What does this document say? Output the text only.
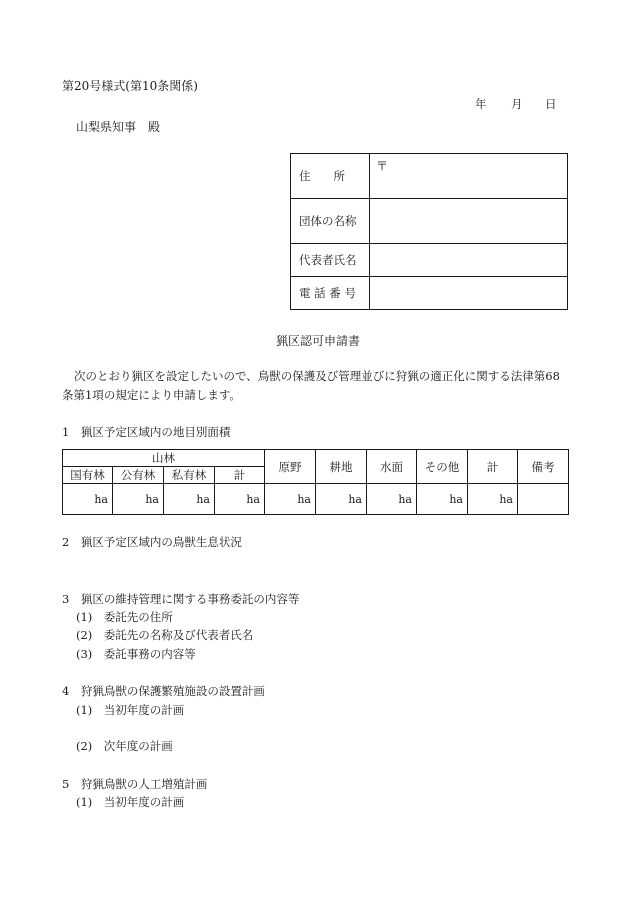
第20号様式(第10条関係)
年 月 日
山梨県知事　殿
住　　所	〒

団体の名称	
代表者氏名	
電 話 番 号	
猟区認可申請書
次のとおり猟区を設定したいので、鳥獣の保護及び管理並びに狩猟の適正化に関する法律第68
条第1項の規定により申請します。
1　猟区予定区域内の地目別面積
山林				原野	耕地	水面	その他	計	備考
国有林	公有林	私有林	計						
ha	ha	ha	ha	ha	ha	ha	ha	ha	
2　猟区予定区域内の鳥獣生息状況
3　猟区の維持管理に関する事務委託の内容等
(1)　委託先の住所
(2)　委託先の名称及び代表者氏名
(3)　委託事務の内容等
4　狩猟鳥獣の保護繁殖施設の設置計画
(1)　当初年度の計画
(2)　次年度の計画
5　狩猟鳥獣の人工増殖計画
(1)　当初年度の計画
